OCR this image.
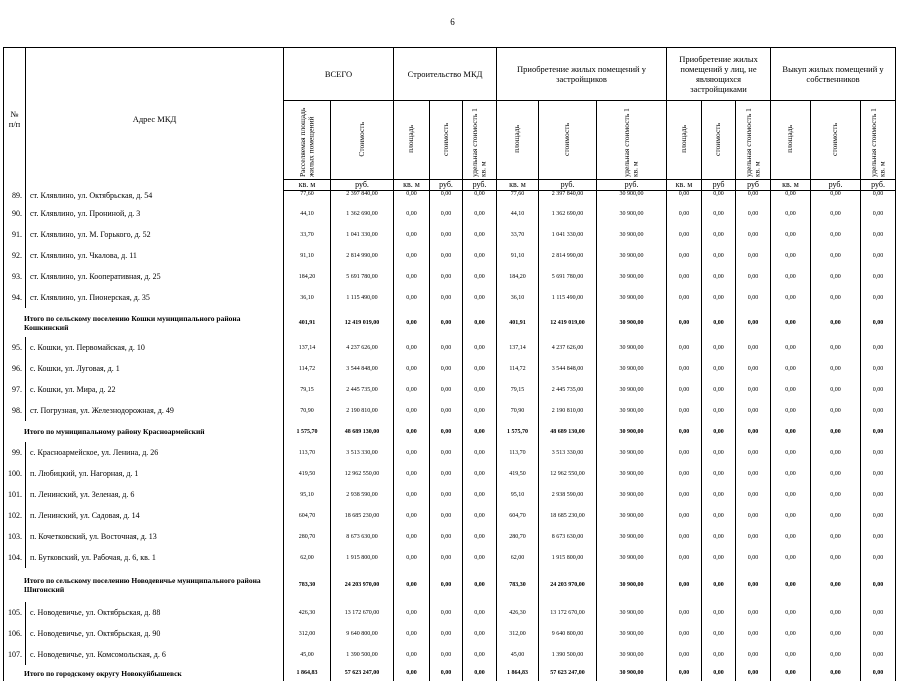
6
№ п/п	Адрес МКД	ВСЕГО		Строительство МКД			Приобретение жилых помещений у застройщиков			Приобретение жилых помещений у лиц, не являющихся застройщиками			Выкуп жилых помещений у собственников		
		Расселяемая площадь жилых помещений	Стоимость	площадь	стоимость	удельная стоимость 1 кв. м	площадь	стоимость	удельная стоимость 1 кв. м	площадь	стоимость	удельная стоимость 1 кв. м	площадь	стоимость	удельная стоимость 1 кв. м
		кв. м	руб.	кв. м	руб.	руб.	кв. м	руб.	руб.	кв. м	руб	руб	кв. м	руб.	руб.
89.	ст. Клявлино, ул. Октябрьская, д. 54	77,60	2 397 840,00	0,00	0,00	0,00	77,60	2 397 840,00	30 900,00	0,00	0,00	0,00	0,00	0,00	0,00
90.	ст. Клявлино, ул. Прониной, д. 3	44,10	1 362 690,00	0,00	0,00	0,00	44,10	1 362 690,00	30 900,00	0,00	0,00	0,00	0,00	0,00	0,00
91.	ст. Клявлино, ул. М. Горького, д. 52	33,70	1 041 330,00	0,00	0,00	0,00	33,70	1 041 330,00	30 900,00	0,00	0,00	0,00	0,00	0,00	0,00
92.	ст. Клявлино, ул. Чкалова, д. 11	91,10	2 814 990,00	0,00	0,00	0,00	91,10	2 814 990,00	30 900,00	0,00	0,00	0,00	0,00	0,00	0,00
93.	ст. Клявлино, ул. Кооперативная, д. 25	184,20	5 691 780,00	0,00	0,00	0,00	184,20	5 691 780,00	30 900,00	0,00	0,00	0,00	0,00	0,00	0,00
94.	ст. Клявлино, ул. Пионерская, д. 35	36,10	1 115 490,00	0,00	0,00	0,00	36,10	1 115 490,00	30 900,00	0,00	0,00	0,00	0,00	0,00	0,00
Итого по сельскому поселению Кошки муниципального района Кошкинский		401,91	12 419 019,00	0,00	0,00	0,00	401,91	12 419 019,00	30 900,00	0,00	0,00	0,00	0,00	0,00	0,00
95.	с. Кошки, ул. Первомайская, д. 10	137,14	4 237 626,00	0,00	0,00	0,00	137,14	4 237 626,00	30 900,00	0,00	0,00	0,00	0,00	0,00	0,00
96.	с. Кошки, ул. Луговая, д. 1	114,72	3 544 848,00	0,00	0,00	0,00	114,72	3 544 848,00	30 900,00	0,00	0,00	0,00	0,00	0,00	0,00
97.	с. Кошки, ул. Мира, д. 22	79,15	2 445 735,00	0,00	0,00	0,00	79,15	2 445 735,00	30 900,00	0,00	0,00	0,00	0,00	0,00	0,00
98.	ст. Погрузная, ул. Железнодорожная, д. 49	70,90	2 190 810,00	0,00	0,00	0,00	70,90	2 190 810,00	30 900,00	0,00	0,00	0,00	0,00	0,00	0,00
Итого по муниципальному району Красноармейский		1 575,70	48 689 130,00	0,00	0,00	0,00	1 575,70	48 689 130,00	30 900,00	0,00	0,00	0,00	0,00	0,00	0,00
99.	с. Красноармейское, ул. Ленина, д. 26	113,70	3 513 330,00	0,00	0,00	0,00	113,70	3 513 330,00	30 900,00	0,00	0,00	0,00	0,00	0,00	0,00
100.	п. Любицкий, ул. Нагорная, д. 1	419,50	12 962 550,00	0,00	0,00	0,00	419,50	12 962 550,00	30 900,00	0,00	0,00	0,00	0,00	0,00	0,00
101.	п. Ленинский, ул. Зеленая, д. 6	95,10	2 938 590,00	0,00	0,00	0,00	95,10	2 938 590,00	30 900,00	0,00	0,00	0,00	0,00	0,00	0,00
102.	п. Ленинский, ул. Садовая, д. 14	604,70	18 685 230,00	0,00	0,00	0,00	604,70	18 685 230,00	30 900,00	0,00	0,00	0,00	0,00	0,00	0,00
103.	п. Кочетковский, ул. Восточная, д. 13	280,70	8 673 630,00	0,00	0,00	0,00	280,70	8 673 630,00	30 900,00	0,00	0,00	0,00	0,00	0,00	0,00
104.	п. Бутковский, ул. Рабочая, д. 6, кв. 1	62,00	1 915 800,00	0,00	0,00	0,00	62,00	1 915 800,00	30 900,00	0,00	0,00	0,00	0,00	0,00	0,00
Итого по сельскому поселению Новодевичье муниципального района Шигонский		783,30	24 203 970,00	0,00	0,00	0,00	783,30	24 203 970,00	30 900,00	0,00	0,00	0,00	0,00	0,00	0,00
105.	с. Новодевичье, ул. Октябрьская, д. 88	426,30	13 172 670,00	0,00	0,00	0,00	426,30	13 172 670,00	30 900,00	0,00	0,00	0,00	0,00	0,00	0,00
106.	с. Новодевичье, ул. Октябрьская, д. 90	312,00	9 640 800,00	0,00	0,00	0,00	312,00	9 640 800,00	30 900,00	0,00	0,00	0,00	0,00	0,00	0,00
107.	с. Новодевичье, ул. Комсомольская, д. 6	45,00	1 390 500,00	0,00	0,00	0,00	45,00	1 390 500,00	30 900,00	0,00	0,00	0,00	0,00	0,00	0,00
Итого по городскому округу Новокуйбышевск		1 864,83	57 623 247,00	0,00	0,00	0,00	1 864,83	57 623 247,00	30 900,00	0,00	0,00	0,00	0,00	0,00	0,00
